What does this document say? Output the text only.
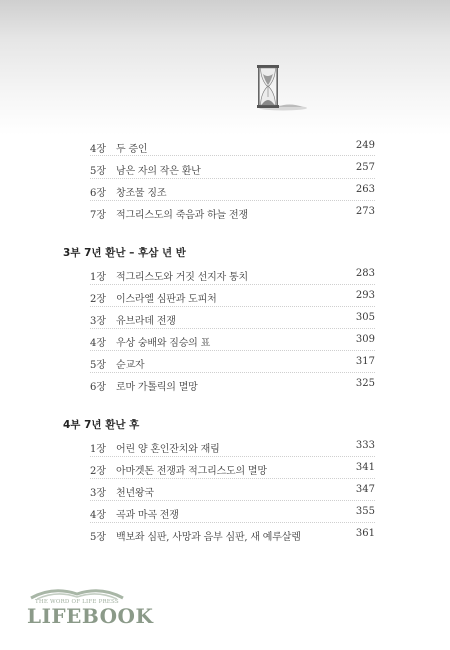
4장 두 증인	249
5장 남은 자의 작은 환난	257
6장 창조물 징조	263
7장 적그리스도의 죽음과 하늘 전쟁	273
3부 7년 환난 – 후삼 년 반
1장 적그리스도와 거짓 선지자 통치	283
2장 이스라엘 심판과 도피처	293
3장 유브라데 전쟁	305
4장 우상 숭배와 짐승의 표	309
5장 순교자	317
6장 로마 가톨릭의 멸망	325
4부 7년 환난 후
1장 어린 양 혼인잔치와 재림	333
2장 아마겟돈 전쟁과 적그리스도의 멸망	341
3장 천년왕국	347
4장 곡과 마곡 전쟁	355
5장 백보좌 심판, 사망과 음부 심판, 새 예루살렘	361
THE WORD OF LIFE PRESS
LIFEBOOK
